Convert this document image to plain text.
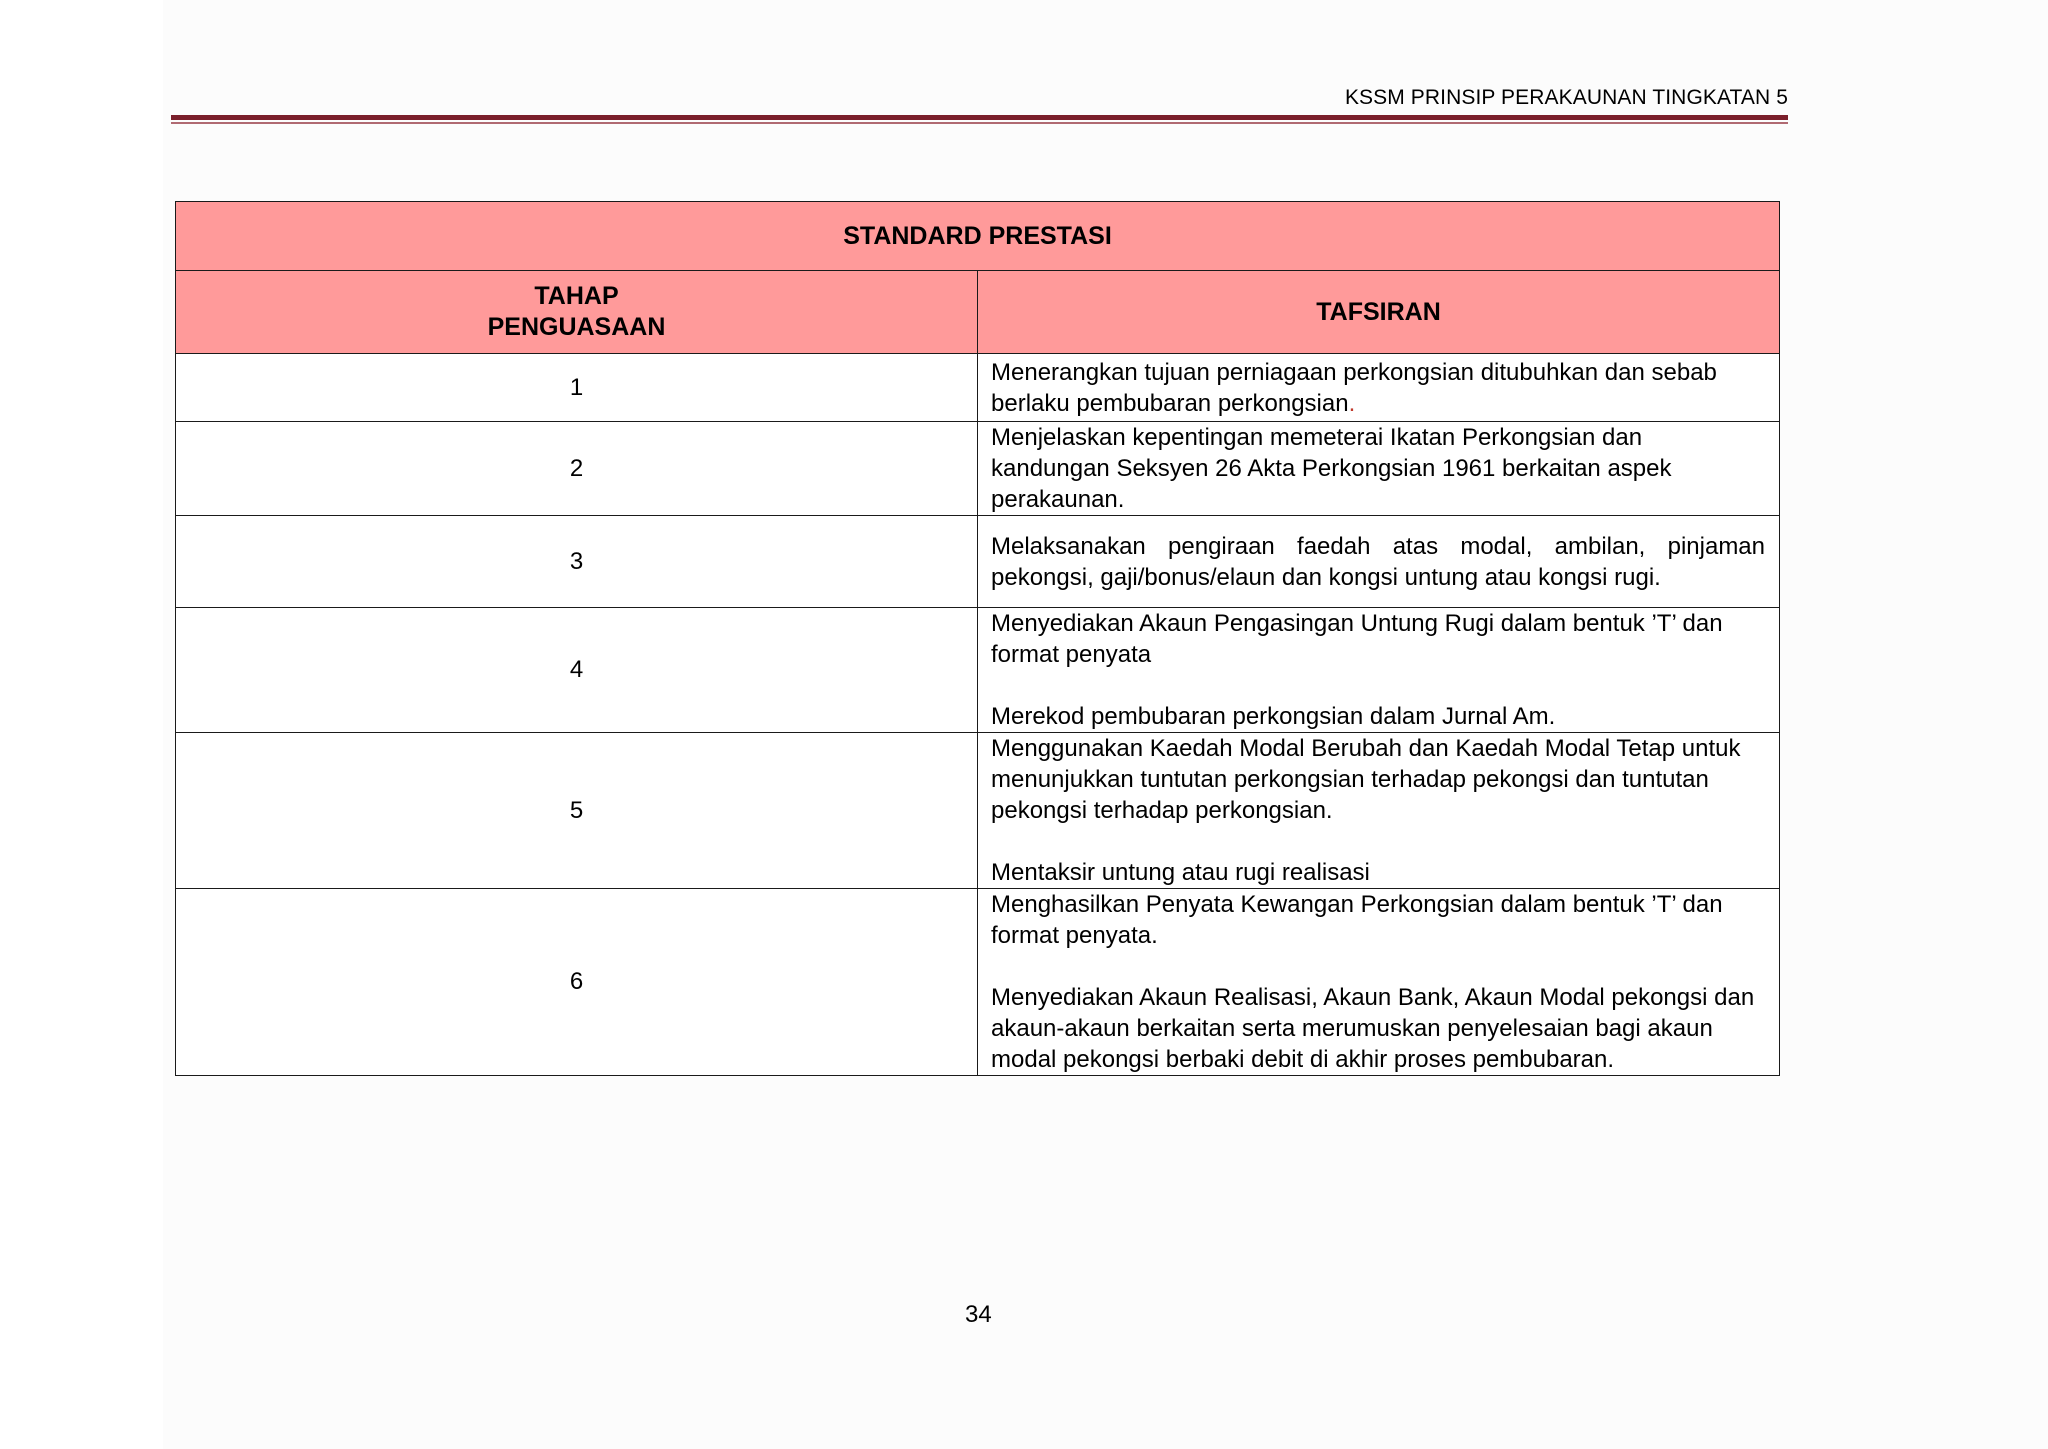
KSSM PRINSIP PERAKAUNAN TINGKATAN 5
STANDARD PRESTASI	
TAHAP
PENGUASAAN	TAFSIRAN
1	Menerangkan tujuan perniagaan perkongsian ditubuhkan dan sebab berlaku pembubaran perkongsian.
2	Menjelaskan kepentingan memeterai Ikatan Perkongsian dan kandungan Seksyen 26 Akta Perkongsian 1961 berkaitan aspek perakaunan.
3	Melaksanakan pengiraan faedah atas modal, ambilan, pinjaman pekongsi, gaji/bonus/elaun dan kongsi untung atau kongsi rugi.
4	Menyediakan Akaun Pengasingan Untung Rugi dalam bentuk ’T’ dan format penyata
Merekod pembubaran perkongsian dalam Jurnal Am.
5	Menggunakan Kaedah Modal Berubah dan Kaedah Modal Tetap untuk menunjukkan tuntutan perkongsian terhadap pekongsi dan tuntutan pekongsi terhadap perkongsian.
Mentaksir untung atau rugi realisasi
6	Menghasilkan Penyata Kewangan Perkongsian dalam bentuk ’T’ dan format penyata.
Menyediakan Akaun Realisasi, Akaun Bank, Akaun Modal pekongsi dan akaun-akaun berkaitan serta merumuskan penyelesaian bagi akaun modal pekongsi berbaki debit di akhir proses pembubaran.
34
